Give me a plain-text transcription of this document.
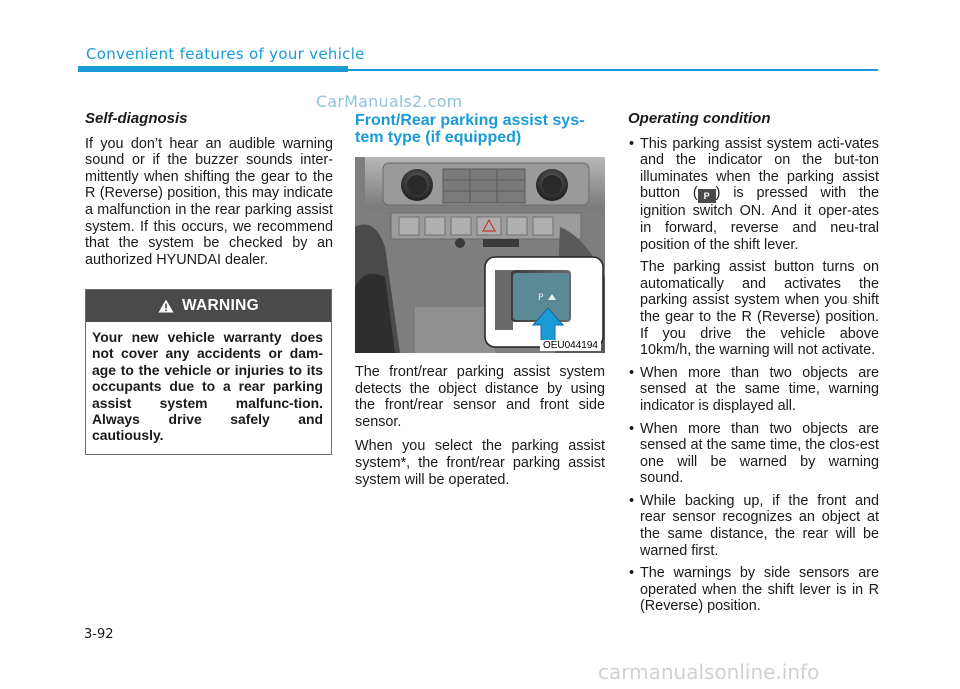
Convenient features of your vehicle
CarManuals2.com
Self-diagnosis

If you don’t hear an audible warning sound or if the buzzer sounds inter-mittently when shifting the gear to the R (Reverse) position, this may indicate a malfunction in the rear parking assist system. If this occurs, we recommend that the system be checked by an authorized HYUNDAI dealer.

WARNING
Your new vehicle warranty does not cover any accidents or dam-age to the vehicle or injuries to its occupants due to a rear parking assist system malfunc-tion. Always drive safely and cautiously.
Front/Rear parking assist sys-tem type (if equipped)
P
OEU044194

The front/rear parking assist system detects the object distance by using the front/rear sensor and front side sensor.

When you select the parking assist system*, the front/rear parking assist system will be operated.

Operating condition

• This parking assist system acti-vates and the indicator on the but-ton illuminates when the parking assist button ( P ) is pressed with the ignition switch ON. And it oper-ates in forward, reverse and neu-tral position of the shift lever.

The parking assist button turns on automatically and activates the parking assist system when you shift the gear to the R (Reverse) position. If you drive the vehicle above 10km/h, the warning will not activate.

• When more than two objects are sensed at the same time, warning indicator is displayed all.
• When more than two objects are sensed at the same time, the clos-est one will be warned by warning sound.
• While backing up, if the front and rear sensor recognizes an object at the same distance, the rear will be warned first.
• The warnings by side sensors are operated when the shift lever is in R (Reverse) position.
3-92
carmanualsonline.info
